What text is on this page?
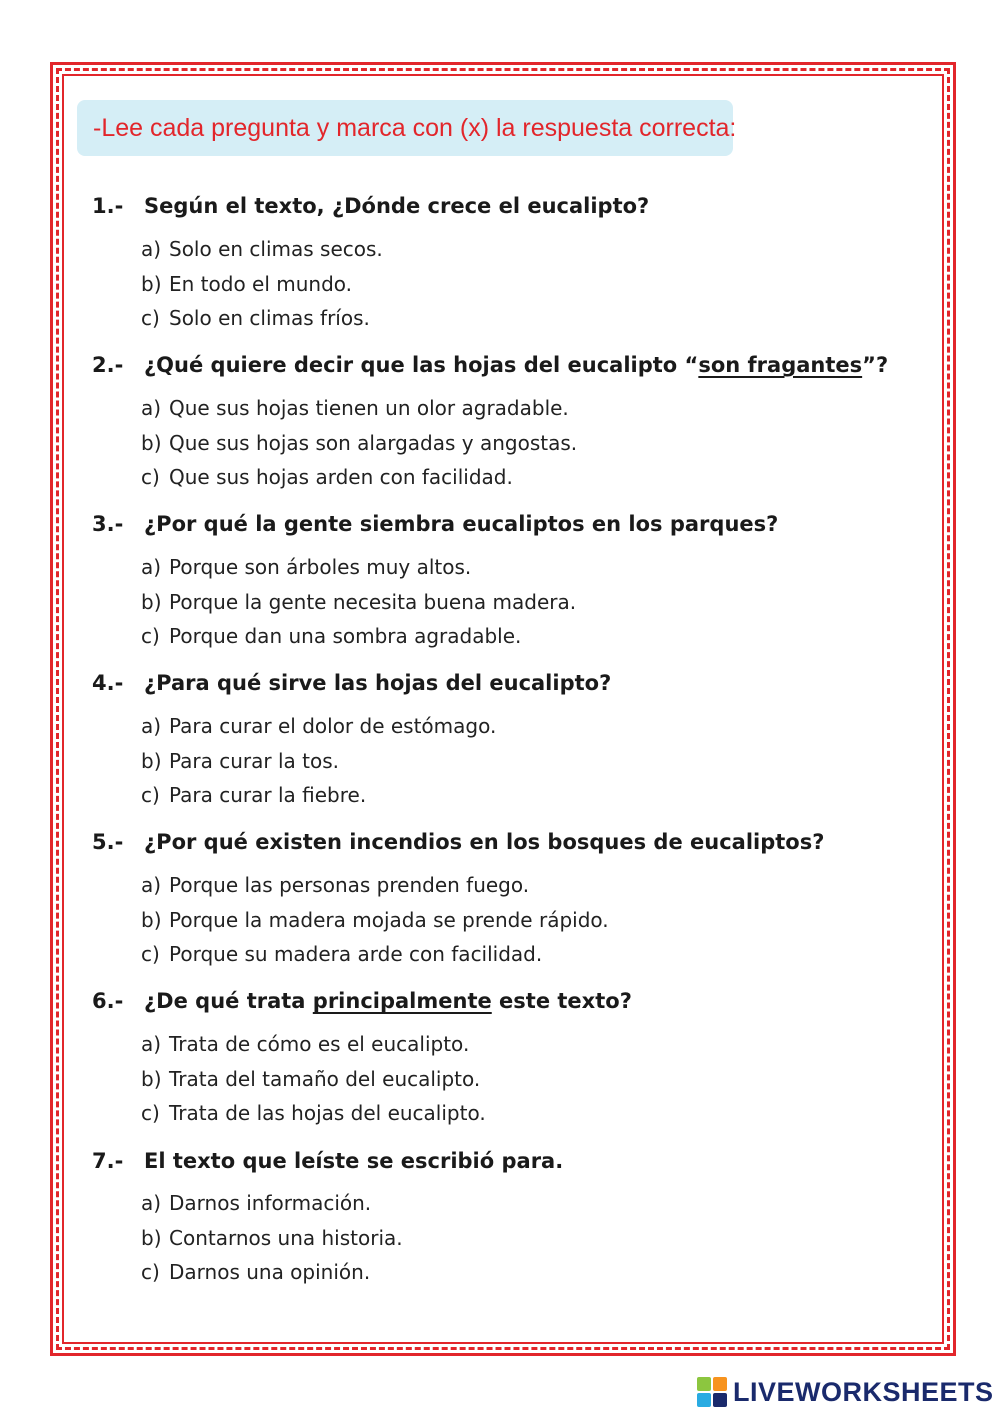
-Lee cada pregunta y marca con (x) la respuesta correcta:
1.- Según el texto, ¿Dónde crece el eucalipto?
a) Solo en climas secos.
b) En todo el mundo.
c) Solo en climas fríos.
2.- ¿Qué quiere decir que las hojas del eucalipto “son fragantes”?
a) Que sus hojas tienen un olor agradable.
b) Que sus hojas son alargadas y angostas.
c) Que sus hojas arden con facilidad.
3.- ¿Por qué la gente siembra eucaliptos en los parques?
a) Porque son árboles muy altos.
b) Porque la gente necesita buena madera.
c) Porque dan una sombra agradable.
4.- ¿Para qué sirve las hojas del eucalipto?
a) Para curar el dolor de estómago.
b) Para curar la tos.
c) Para curar la fiebre.
5.- ¿Por qué existen incendios en los bosques de eucaliptos?
a) Porque las personas prenden fuego.
b) Porque la madera mojada se prende rápido.
c) Porque su madera arde con facilidad.
6.- ¿De qué trata principalmente este texto?
a) Trata de cómo es el eucalipto.
b) Trata del tamaño del eucalipto.
c) Trata de las hojas del eucalipto.
7.- El texto que leíste se escribió para.
a) Darnos información.
b) Contarnos una historia.
c) Darnos una opinión.
LIVEWORKSHEETS
